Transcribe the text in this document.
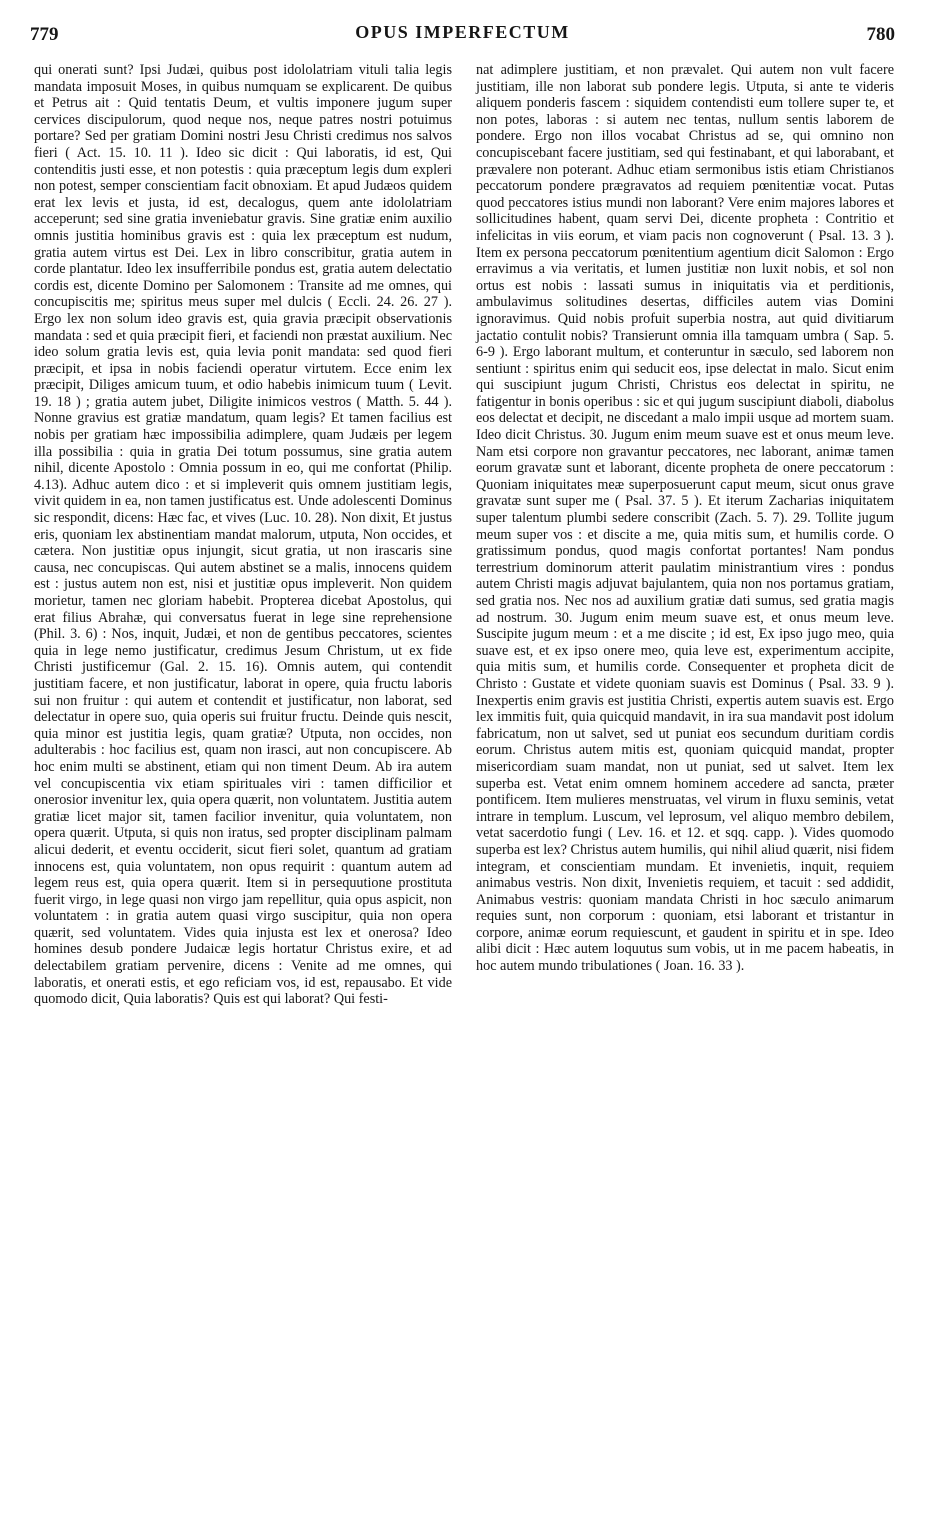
779	OPUS IMPERFECTUM	780

qui onerati sunt? Ipsi Judæi, quibus post idololatriam vituli talia legis mandata imposuit Moses, in quibus numquam se explicarent. De quibus et Petrus ait : Quid tentatis Deum, et vultis imponere jugum super cervices discipulorum, quod neque nos, neque patres nostri potuimus portare? Sed per gratiam Domini nostri Jesu Christi credimus nos salvos fieri ( Act. 15. 10. 11 ). Ideo sic dicit : Qui laboratis, id est, Qui contenditis justi esse, et non potestis : quia præceptum legis dum expleri non potest, semper conscientiam facit obnoxiam. Et apud Judæos quidem erat lex levis et justa, id est, decalogus, quem ante idololatriam acceperunt; sed sine gratia inveniebatur gravis. Sine gratiæ enim auxilio omnis justitia hominibus gravis est : quia lex præceptum est nudum, gratia autem virtus est Dei. Lex in libro conscribitur, gratia autem in corde plantatur. Ideo lex insufferribile pondus est, gratia autem delectatio cordis est, dicente Domino per Salomonem : Transite ad me omnes, qui concupiscitis me; spiritus meus super mel dulcis ( Eccli. 24. 26. 27 ). Ergo lex non solum ideo gravis est, quia gravia præcipit observationis mandata : sed et quia præcipit fieri, et faciendi non præstat auxilium. Nec ideo solum gratia levis est, quia levia ponit mandata: sed quod fieri præcipit, et ipsa in nobis faciendi operatur virtutem. Ecce enim lex præcipit, Diliges amicum tuum, et odio habebis inimicum tuum ( Levit. 19. 18 ) ; gratia autem jubet, Diligite inimicos vestros ( Matth. 5. 44 ). Nonne gravius est gratiæ mandatum, quam legis? Et tamen facilius est nobis per gratiam hæc impossibilia adimplere, quam Judæis per legem illa possibilia : quia in gratia Dei totum possumus, sine gratia autem nihil, dicente Apostolo : Omnia possum in eo, qui me confortat (Philip. 4.13). Adhuc autem dico : et si impleverit quis omnem justitiam legis, vivit quidem in ea, non tamen justificatus est. Unde adolescenti Dominus sic respondit, dicens: Hæc fac, et vives (Luc. 10. 28). Non dixit, Et justus eris, quoniam lex abstinentiam mandat malorum, utputa, Non occides, et cætera. Non justitiæ opus injungit, sicut gratia, ut non irascaris sine causa, nec concupiscas. Qui autem abstinet se a malis, innocens quidem est : justus autem non est, nisi et justitiæ opus impleverit. Non quidem morietur, tamen nec gloriam habebit. Propterea dicebat Apostolus, qui erat filius Abrahæ, qui conversatus fuerat in lege sine reprehensione (Phil. 3. 6) : Nos, inquit, Judæi, et non de gentibus peccatores, scientes quia in lege nemo justificatur, credimus Jesum Christum, ut ex fide Christi justificemur (Gal. 2. 15. 16). Omnis autem, qui contendit justitiam facere, et non justificatur, laborat in opere, quia fructu laboris sui non fruitur : qui autem et contendit et justificatur, non laborat, sed delectatur in opere suo, quia operis sui fruitur fructu. Deinde quis nescit, quia minor est justitia legis, quam gratiæ? Utputa, non occides, non adulterabis : hoc facilius est, quam non irasci, aut non concupiscere. Ab hoc enim multi se abstinent, etiam qui non timent Deum. Ab ira autem vel concupiscentia vix etiam spirituales viri : tamen difficilior et onerosior invenitur lex, quia opera quærit, non voluntatem. Justitia autem gratiæ licet major sit, tamen facilior invenitur, quia voluntatem, non opera quærit. Utputa, si quis non iratus, sed propter disciplinam palmam alicui dederit, et eventu occiderit, sicut fieri solet, quantum ad gratiam innocens est, quia voluntatem, non opus requirit : quantum autem ad legem reus est, quia opera quærit. Item si in persequutione prostituta fuerit virgo, in lege quasi non virgo jam repellitur, quia opus aspicit, non voluntatem : in gratia autem quasi virgo suscipitur, quia non opera quærit, sed voluntatem. Vides quia injusta est lex et onerosa? Ideo homines desub pondere Judaicæ legis hortatur Christus exire, et ad delectabilem gratiam pervenire, dicens : Venite ad me omnes, qui laboratis, et onerati estis, et ego reficiam vos, id est, repausabo. Et vide quomodo dicit, Quia laboratis? Quis est qui laborat? Qui festi-

nat adimplere justitiam, et non prævalet. Qui autem non vult facere justitiam, ille non laborat sub pondere legis. Utputa, si ante te videris aliquem ponderis fascem : siquidem contendisti eum tollere super te, et non potes, laboras : si autem nec tentas, nullum sentis laborem de pondere. Ergo non illos vocabat Christus ad se, qui omnino non concupiscebant facere justitiam, sed qui festinabant, et qui laborabant, et prævalere non poterant. Adhuc etiam sermonibus istis etiam Christianos peccatorum pondere prægravatos ad requiem pœnitentiæ vocat. Putas quod peccatores istius mundi non laborant? Vere enim majores labores et sollicitudines habent, quam servi Dei, dicente propheta : Contritio et infelicitas in viis eorum, et viam pacis non cognoverunt ( Psal. 13. 3 ). Item ex persona peccatorum pœnitentium agentium dicit Salomon : Ergo erravimus a via veritatis, et lumen justitiæ non luxit nobis, et sol non ortus est nobis : lassati sumus in iniquitatis via et perditionis, ambulavimus solitudines desertas, difficiles autem vias Domini ignoravimus. Quid nobis profuit superbia nostra, aut quid divitiarum jactatio contulit nobis? Transierunt omnia illa tamquam umbra ( Sap. 5. 6-9 ). Ergo laborant multum, et conteruntur in sæculo, sed laborem non sentiunt : spiritus enim qui seducit eos, ipse delectat in malo. Sicut enim qui suscipiunt jugum Christi, Christus eos delectat in spiritu, ne fatigentur in bonis operibus : sic et qui jugum suscipiunt diaboli, diabolus eos delectat et decipit, ne discedant a malo impii usque ad mortem suam. Ideo dicit Christus. 30. Jugum enim meum suave est et onus meum leve. Nam etsi corpore non gravantur peccatores, nec laborant, animæ tamen eorum gravatæ sunt et laborant, dicente propheta de onere peccatorum : Quoniam iniquitates meæ superposuerunt caput meum, sicut onus grave gravatæ sunt super me ( Psal. 37. 5 ). Et iterum Zacharias iniquitatem super talentum plumbi sedere conscribit (Zach. 5. 7). 29. Tollite jugum meum super vos : et discite a me, quia mitis sum, et humilis corde. O gratissimum pondus, quod magis confortat portantes! Nam pondus terrestrium dominorum atterit paulatim ministrantium vires : pondus autem Christi magis adjuvat bajulantem, quia non nos portamus gratiam, sed gratia nos. Nec nos ad auxilium gratiæ dati sumus, sed gratia magis ad nostrum. 30. Jugum enim meum suave est, et onus meum leve. Suscipite jugum meum : et a me discite ; id est, Ex ipso jugo meo, quia suave est, et ex ipso onere meo, quia leve est, experimentum accipite, quia mitis sum, et humilis corde. Consequenter et propheta dicit de Christo : Gustate et videte quoniam suavis est Dominus ( Psal. 33. 9 ). Inexpertis enim gravis est justitia Christi, expertis autem suavis est. Ergo lex immitis fuit, quia quicquid mandavit, in ira sua mandavit post idolum fabricatum, non ut salvet, sed ut puniat eos secundum duritiam cordis eorum. Christus autem mitis est, quoniam quicquid mandat, propter misericordiam suam mandat, non ut puniat, sed ut salvet. Item lex superba est. Vetat enim omnem hominem accedere ad sancta, præter pontificem. Item mulieres menstruatas, vel virum in fluxu seminis, vetat intrare in templum. Luscum, vel leprosum, vel aliquo membro debilem, vetat sacerdotio fungi ( Lev. 16. et 12. et sqq. capp. ). Vides quomodo superba est lex? Christus autem humilis, qui nihil aliud quærit, nisi fidem integram, et conscientiam mundam. Et invenietis, inquit, requiem animabus vestris. Non dixit, Invenietis requiem, et tacuit : sed addidit, Animabus vestris: quoniam mandata Christi in hoc sæculo animarum requies sunt, non corporum : quoniam, etsi laborant et tristantur in corpore, animæ eorum requiescunt, et gaudent in spiritu et in spe. Ideo alibi dicit : Hæc autem loquutus sum vobis, ut in me pacem habeatis, in hoc autem mundo tribulationes ( Joan. 16. 33 ).
